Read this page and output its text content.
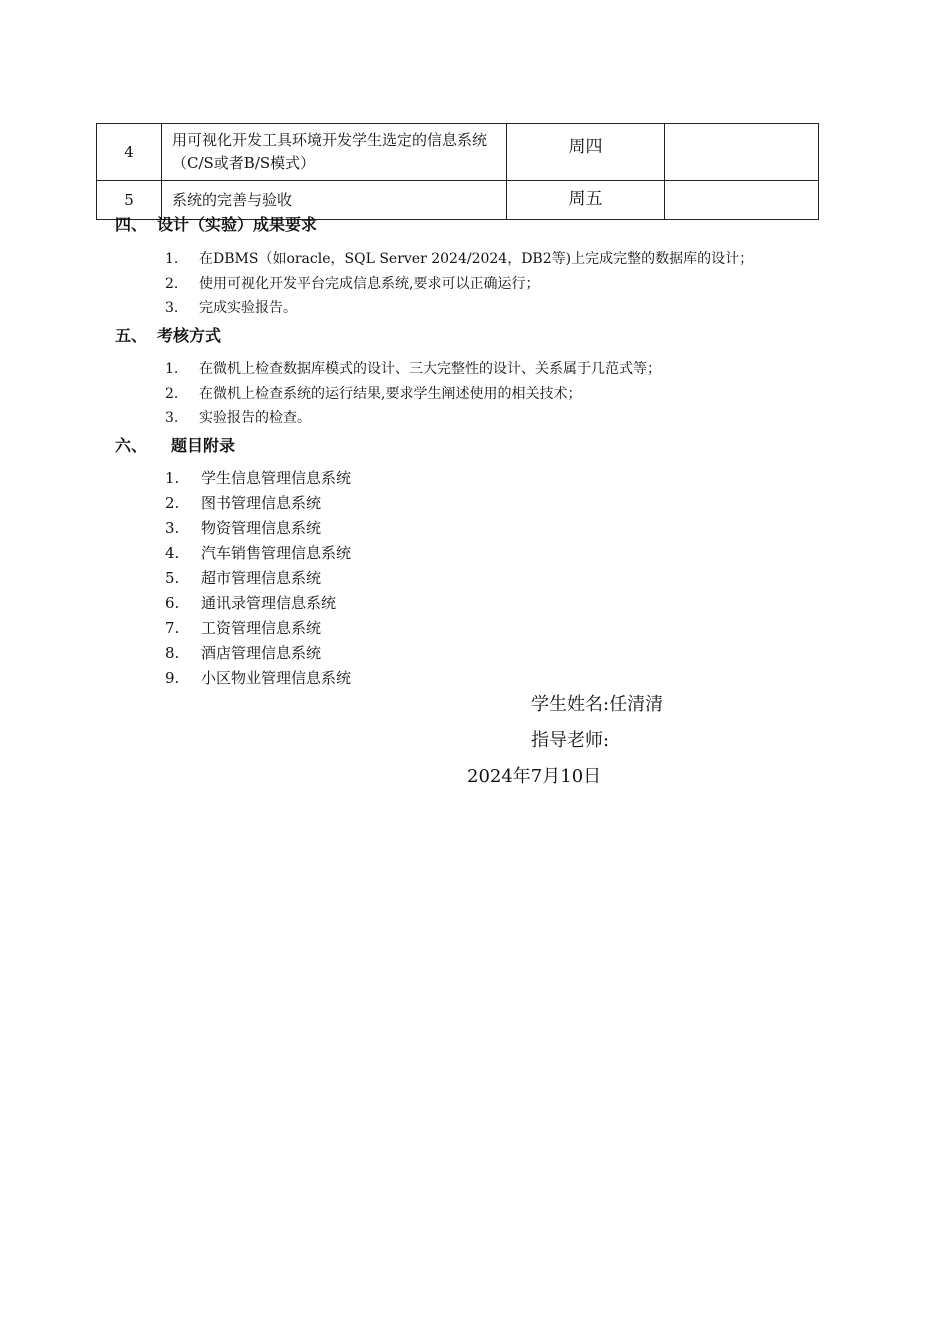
4	用可视化开发工具环境开发学生选定的信息系统（C/S或者B/S模式）	周四	
5	系统的完善与验收	周五	
四、 设计（实验）成果要求
1. 在DBMS（如oracle，SQL Server 2024/2024，DB2等)上完成完整的数据库的设计；
2. 使用可视化开发平台完成信息系统,要求可以正确运行；
3. 完成实验报告。
五、 考核方式
1. 在微机上检查数据库模式的设计、三大完整性的设计、关系属于几范式等；
2. 在微机上检查系统的运行结果,要求学生阐述使用的相关技术；
3. 实验报告的检查。
六、 题目附录
1. 学生信息管理信息系统
2. 图书管理信息系统
3. 物资管理信息系统
4. 汽车销售管理信息系统
5. 超市管理信息系统
6. 通讯录管理信息系统
7. 工资管理信息系统
8. 酒店管理信息系统
9. 小区物业管理信息系统
学生姓名:任清清
指导老师:
2024年7月10日
